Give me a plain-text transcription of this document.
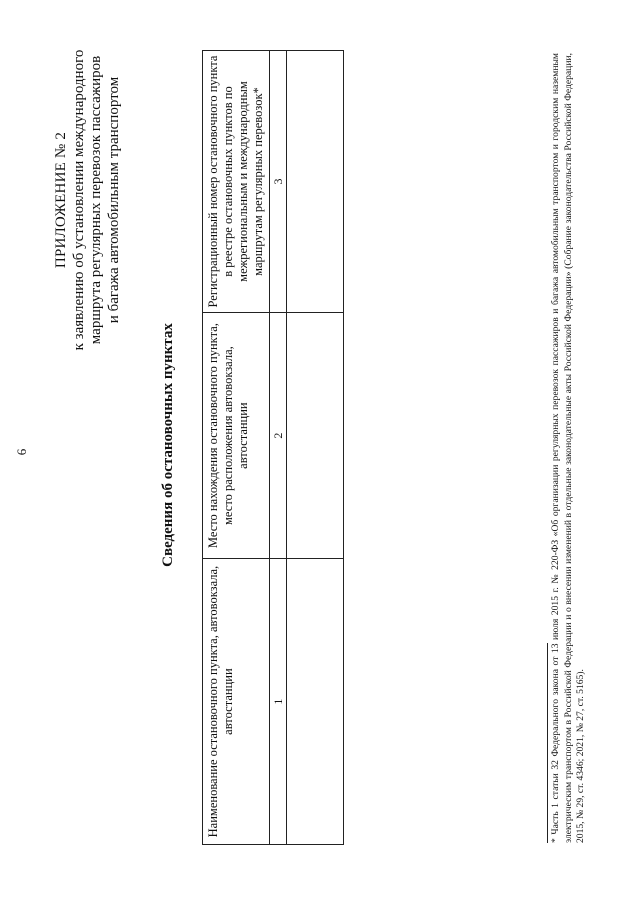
6
ПРИЛОЖЕНИЕ № 2 к заявлению об установлении международного маршрута регулярных перевозок пассажиров и багажа автомобильным транспортом
Сведения об остановочных пунктах
Наименование остановочного пункта, автовокзала, автостанции	Место нахождения остановочного пункта, место расположения автовокзала, автостанции	Регистрационный номер остановочного пункта в реестре остановочных пунктов по межрегиональным и международным маршрутам регулярных перевозок*
1	2	3
			* Часть 1 статьи 32 Федерального закона от 13 июля 2015 г. № 220-ФЗ «Об организации регулярных перевозок пассажиров и багажа автомобильным транспортом и городским наземным электрическим транспортом в Российской Федерации и о внесении изменений в отдельные законодательные акты Российской Федерации» (Собрание законодательства Российской Федерации, 2015, № 29, ст. 4346; 2021, № 27, ст. 5165).
